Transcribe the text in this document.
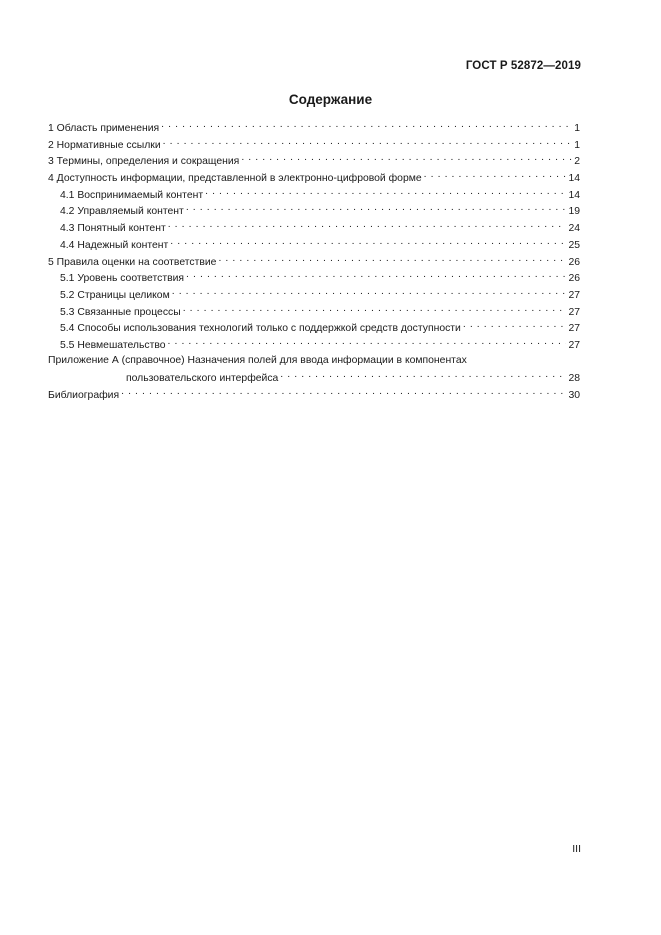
ГОСТ Р 52872—2019
Содержание
1 Область применения . . .	1
2 Нормативные ссылки . . .	1
3 Термины, определения и сокращения . . .	2
4 Доступность информации, представленной в электронно-цифровой форме . . .	14
4.1 Воспринимаемый контент . . .	14
4.2 Управляемый контент . . .	19
4.3 Понятный контент . . .	24
4.4 Надежный контент . . .	25
5 Правила оценки на соответствие . . .	26
5.1 Уровень соответствия . . .	26
5.2 Страницы целиком . . .	27
5.3 Связанные процессы . . .	27
5.4 Способы использования технологий только с поддержкой средств доступности . . .	27
5.5 Невмешательство . . .	27
Приложение А (справочное) Назначения полей для ввода информации в компонентах
пользовательского интерфейса . . .	28
Библиография . . .	30
III
